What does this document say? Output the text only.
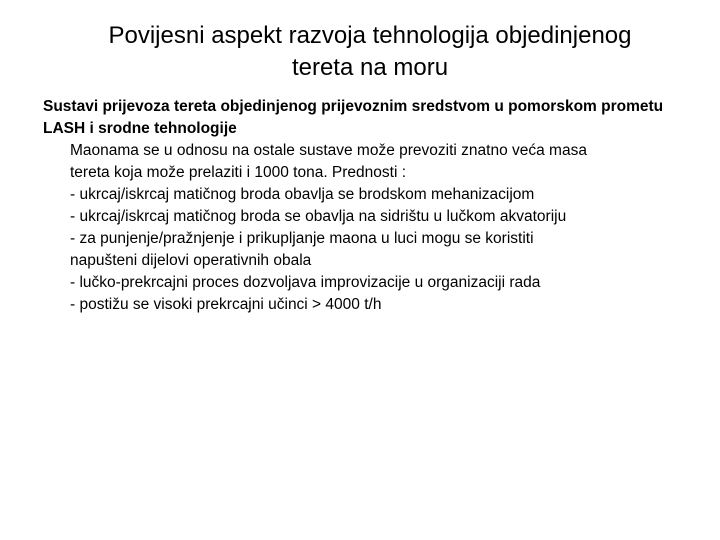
Povijesni aspekt razvoja tehnologija objedinjenog
tereta na moru
Sustavi prijevoza tereta objedinjenog prijevoznim sredstvom u pomorskom prometu
LASH i srodne tehnologije
Maonama se u odnosu na ostale sustave može prevoziti znatno veća masa
tereta koja može prelaziti i 1000 tona. Prednosti :
- ukrcaj/iskrcaj matičnog broda obavlja se brodskom mehanizacijom
- ukrcaj/iskrcaj matičnog broda se obavlja na sidrištu u lučkom akvatoriju
- za punjenje/pražnjenje i prikupljanje maona u luci mogu se koristiti
napušteni dijelovi operativnih obala
- lučko-prekrcajni proces dozvoljava improvizacije u organizaciji rada
- postižu se visoki prekrcajni učinci > 4000 t/h
